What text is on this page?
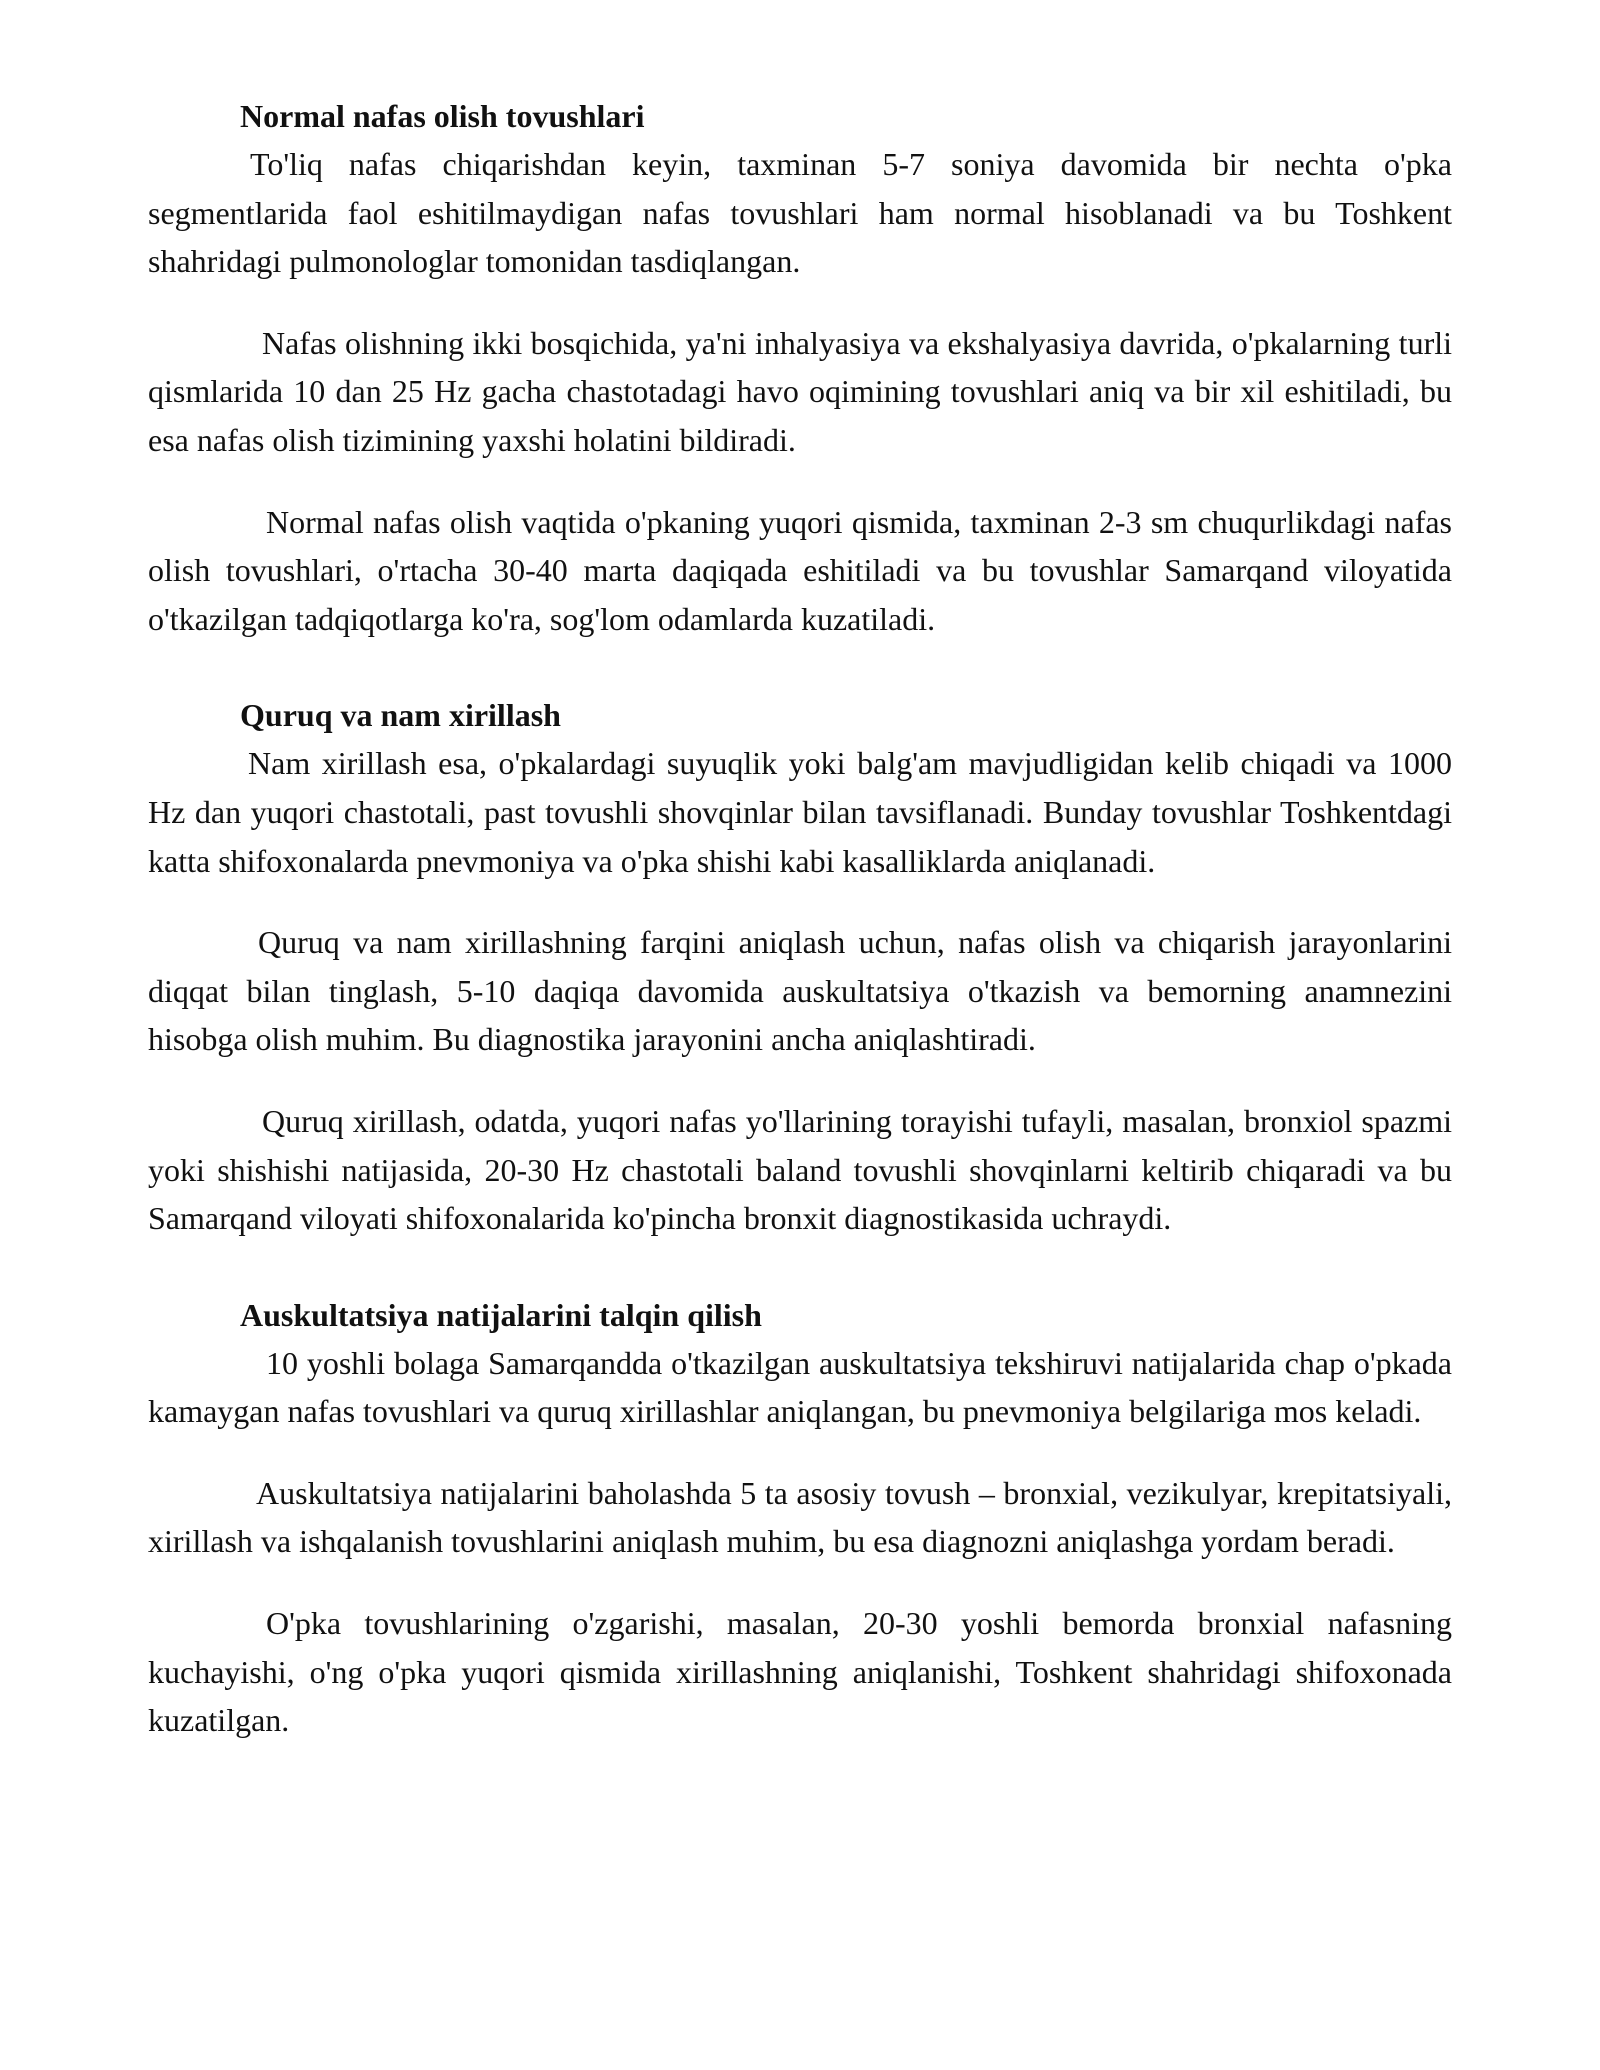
Normal nafas olish tovushlari

To'liq nafas chiqarishdan keyin, taxminan 5-7 soniya davomida bir nechta o'pka segmentlarida faol eshitilmaydigan nafas tovushlari ham normal hisoblanadi va bu Toshkent shahridagi pulmonologlar tomonidan tasdiqlangan.

Nafas olishning ikki bosqichida, ya'ni inhalyasiya va ekshalyasiya davrida, o'pkalarning turli qismlarida 10 dan 25 Hz gacha chastotadagi havo oqimining tovushlari aniq va bir xil eshitiladi, bu esa nafas olish tizimining yaxshi holatini bildiradi.

Normal nafas olish vaqtida o'pkaning yuqori qismida, taxminan 2-3 sm chuqurlikdagi nafas olish tovushlari, o'rtacha 30-40 marta daqiqada eshitiladi va bu tovushlar Samarqand viloyatida o'tkazilgan tadqiqotlarga ko'ra, sog'lom odamlarda kuzatiladi.

Quruq va nam xirillash

Nam xirillash esa, o'pkalardagi suyuqlik yoki balg'am mavjudligidan kelib chiqadi va 1000 Hz dan yuqori chastotali, past tovushli shovqinlar bilan tavsiflanadi. Bunday tovushlar Toshkentdagi katta shifoxonalarda pnevmoniya va o'pka shishi kabi kasalliklarda aniqlanadi.

Quruq va nam xirillashning farqini aniqlash uchun, nafas olish va chiqarish jarayonlarini diqqat bilan tinglash, 5-10 daqiqa davomida auskultatsiya o'tkazish va bemorning anamnezini hisobga olish muhim. Bu diagnostika jarayonini ancha aniqlashtiradi.

Quruq xirillash, odatda, yuqori nafas yo'llarining torayishi tufayli, masalan, bronxiol spazmi yoki shishishi natijasida, 20-30 Hz chastotali baland tovushli shovqinlarni keltirib chiqaradi va bu Samarqand viloyati shifoxonalarida ko'pincha bronxit diagnostikasida uchraydi.

Auskultatsiya natijalarini talqin qilish

10 yoshli bolaga Samarqandda o'tkazilgan auskultatsiya tekshiruvi natijalarida chap o'pkada kamaygan nafas tovushlari va quruq xirillashlar aniqlangan, bu pnevmoniya belgilariga mos keladi.

Auskultatsiya natijalarini baholashda 5 ta asosiy tovush – bronxial, vezikulyar, krepitatsiyali, xirillash va ishqalanish tovushlarini aniqlash muhim, bu esa diagnozni aniqlashga yordam beradi.

O'pka tovushlarining o'zgarishi, masalan, 20-30 yoshli bemorda bronxial nafasning kuchayishi, o'ng o'pka yuqori qismida xirillashning aniqlanishi, Toshkent shahridagi shifoxonada kuzatilgan.
